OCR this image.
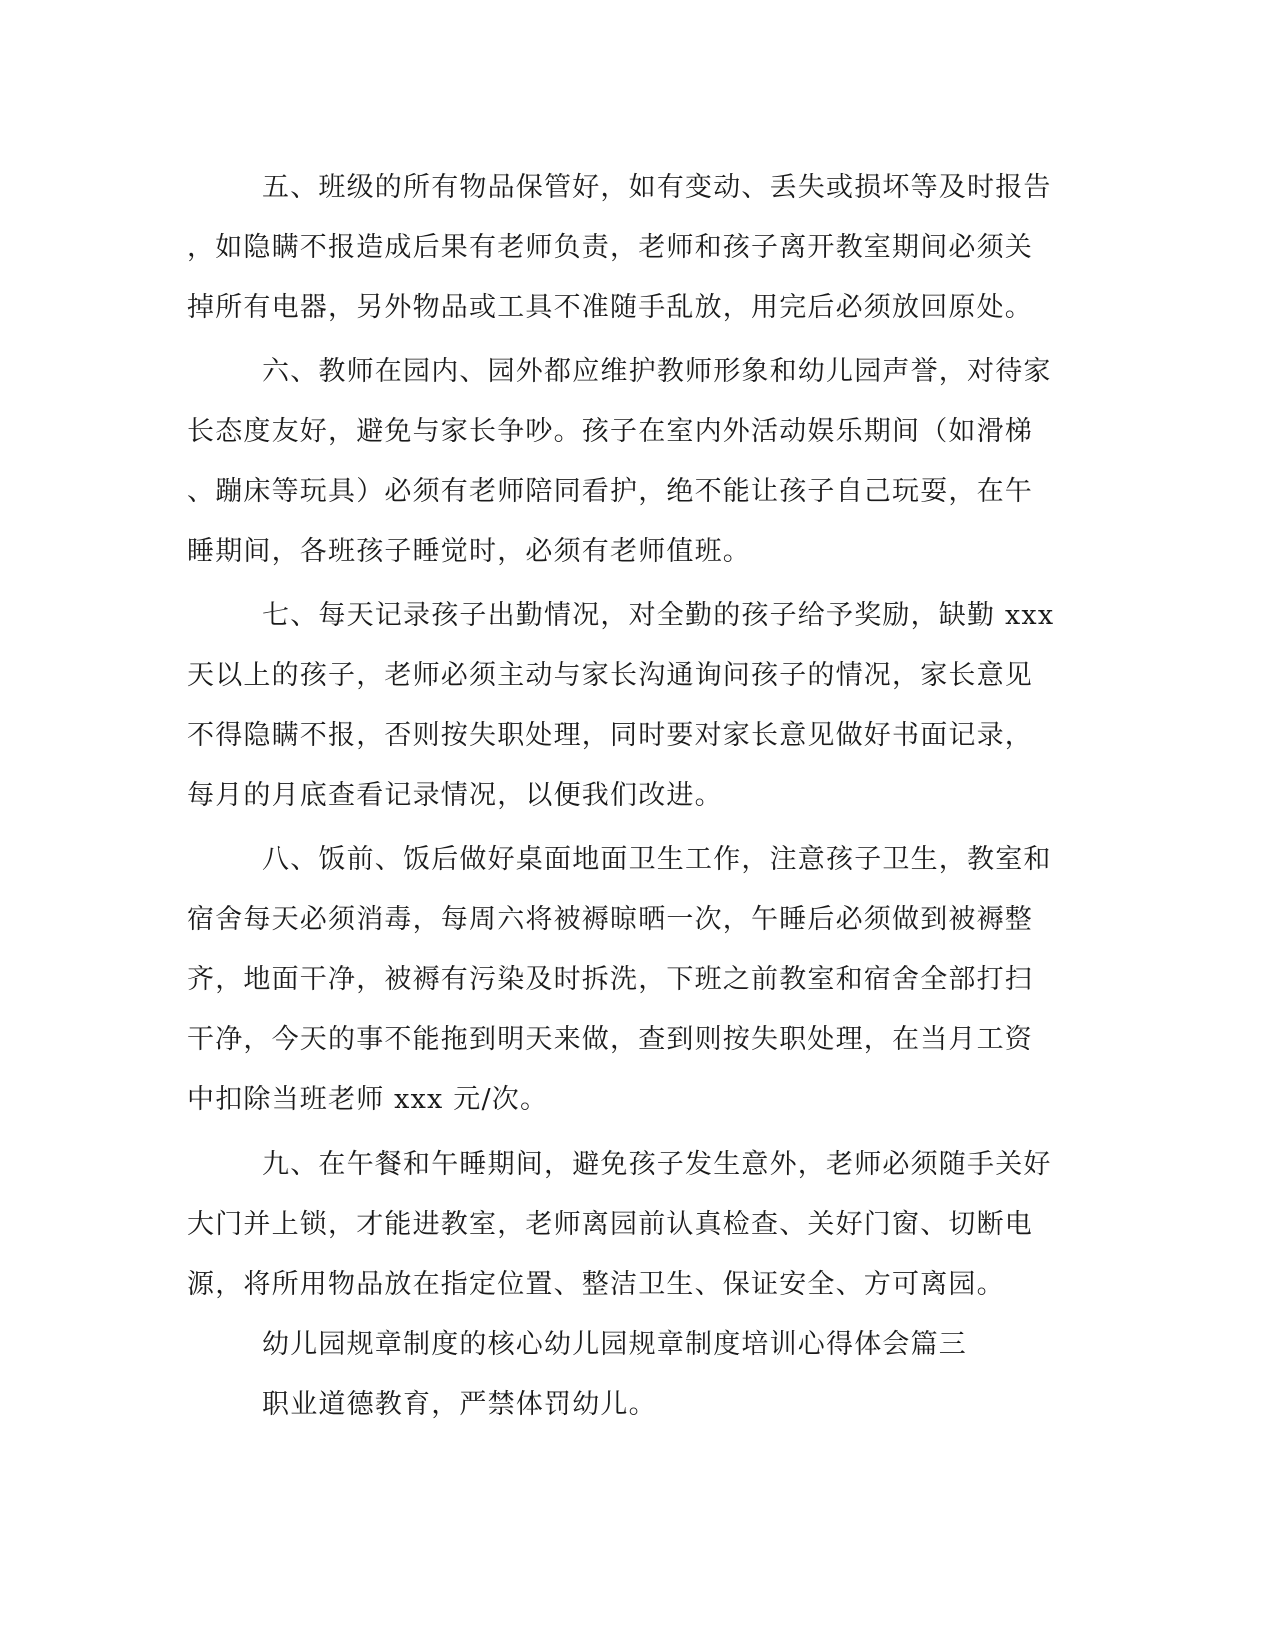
五、班级的所有物品保管好，如有变动、丢失或损坏等及时报告
，如隐瞒不报造成后果有老师负责，老师和孩子离开教室期间必须关
掉所有电器，另外物品或工具不准随手乱放，用完后必须放回原处。
六、教师在园内、园外都应维护教师形象和幼儿园声誉，对待家
长态度友好，避免与家长争吵。孩子在室内外活动娱乐期间（如滑梯
、蹦床等玩具）必须有老师陪同看护，绝不能让孩子自己玩耍，在午
睡期间，各班孩子睡觉时，必须有老师值班。
七、每天记录孩子出勤情况，对全勤的孩子给予奖励，缺勤 xxx
天以上的孩子，老师必须主动与家长沟通询问孩子的情况，家长意见
不得隐瞒不报，否则按失职处理，同时要对家长意见做好书面记录，
每月的月底查看记录情况，以便我们改进。
八、饭前、饭后做好桌面地面卫生工作，注意孩子卫生，教室和
宿舍每天必须消毒，每周六将被褥晾晒一次，午睡后必须做到被褥整
齐，地面干净，被褥有污染及时拆洗，下班之前教室和宿舍全部打扫
干净，今天的事不能拖到明天来做，查到则按失职处理，在当月工资
中扣除当班老师 xxx 元/次。
九、在午餐和午睡期间，避免孩子发生意外，老师必须随手关好
大门并上锁，才能进教室，老师离园前认真检查、关好门窗、切断电
源，将所用物品放在指定位置、整洁卫生、保证安全、方可离园。
幼儿园规章制度的核心幼儿园规章制度培训心得体会篇三
职业道德教育，严禁体罚幼儿。
